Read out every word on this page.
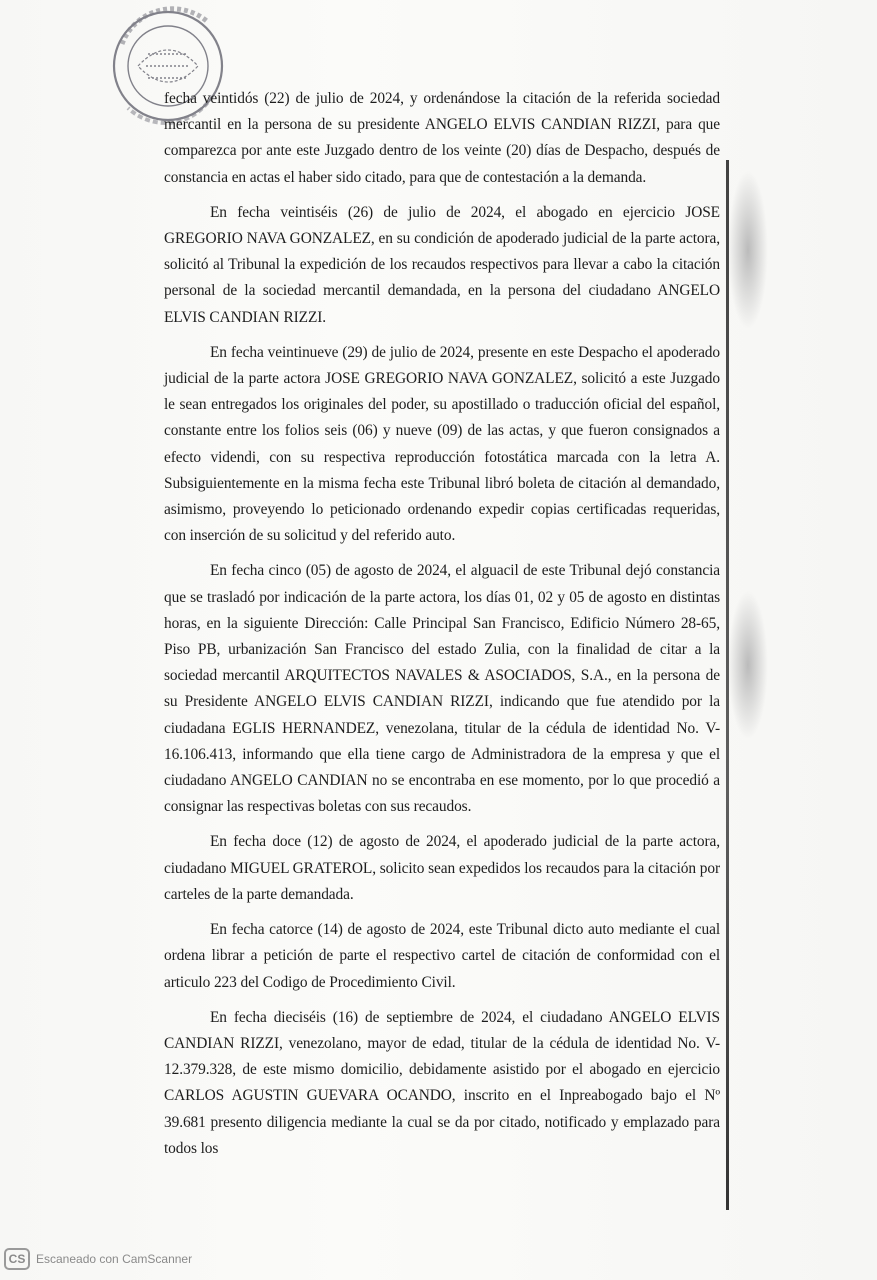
fecha veintidós (22) de julio de 2024, y ordenándose la citación de la referida sociedad mercantil en la persona de su presidente ANGELO ELVIS CANDIAN RIZZI, para que comparezca por ante este Juzgado dentro de los veinte (20) días de Despacho, después de constancia en actas el haber sido citado, para que de contestación a la demanda.

En fecha veintiséis (26) de julio de 2024, el abogado en ejercicio JOSE GREGORIO NAVA GONZALEZ, en su condición de apoderado judicial de la parte actora, solicitó al Tribunal la expedición de los recaudos respectivos para llevar a cabo la citación personal de la sociedad mercantil demandada, en la persona del ciudadano ANGELO ELVIS CANDIAN RIZZI.

En fecha veintinueve (29) de julio de 2024, presente en este Despacho el apoderado judicial de la parte actora JOSE GREGORIO NAVA GONZALEZ, solicitó a este Juzgado le sean entregados los originales del poder, su apostillado o traducción oficial del español, constante entre los folios seis (06) y nueve (09) de las actas, y que fueron consignados a efecto videndi, con su respectiva reproducción fotostática marcada con la letra A. Subsiguientemente en la misma fecha este Tribunal libró boleta de citación al demandado, asimismo, proveyendo lo peticionado ordenando expedir copias certificadas requeridas, con inserción de su solicitud y del referido auto.

En fecha cinco (05) de agosto de 2024, el alguacil de este Tribunal dejó constancia que se trasladó por indicación de la parte actora, los días 01, 02 y 05 de agosto en distintas horas, en la siguiente Dirección: Calle Principal San Francisco, Edificio Número 28-65, Piso PB, urbanización San Francisco del estado Zulia, con la finalidad de citar a la sociedad mercantil ARQUITECTOS NAVALES & ASOCIADOS, S.A., en la persona de su Presidente ANGELO ELVIS CANDIAN RIZZI, indicando que fue atendido por la ciudadana EGLIS HERNANDEZ, venezolana, titular de la cédula de identidad No. V-16.106.413, informando que ella tiene cargo de Administradora de la empresa y que el ciudadano ANGELO CANDIAN no se encontraba en ese momento, por lo que procedió a consignar las respectivas boletas con sus recaudos.

En fecha doce (12) de agosto de 2024, el apoderado judicial de la parte actora, ciudadano MIGUEL GRATEROL, solicito sean expedidos los recaudos para la citación por carteles de la parte demandada.

En fecha catorce (14) de agosto de 2024, este Tribunal dicto auto mediante el cual ordena librar a petición de parte el respectivo cartel de citación de conformidad con el articulo 223 del Codigo de Procedimiento Civil.

En fecha dieciséis (16) de septiembre de 2024, el ciudadano ANGELO ELVIS CANDIAN RIZZI, venezolano, mayor de edad, titular de la cédula de identidad No. V-12.379.328, de este mismo domicilio, debidamente asistido por el abogado en ejercicio CARLOS AGUSTIN GUEVARA OCANDO, inscrito en el Inpreabogado bajo el Nº 39.681 presento diligencia mediante la cual se da por citado, notificado y emplazado para todos los

CS Escaneado con CamScanner
